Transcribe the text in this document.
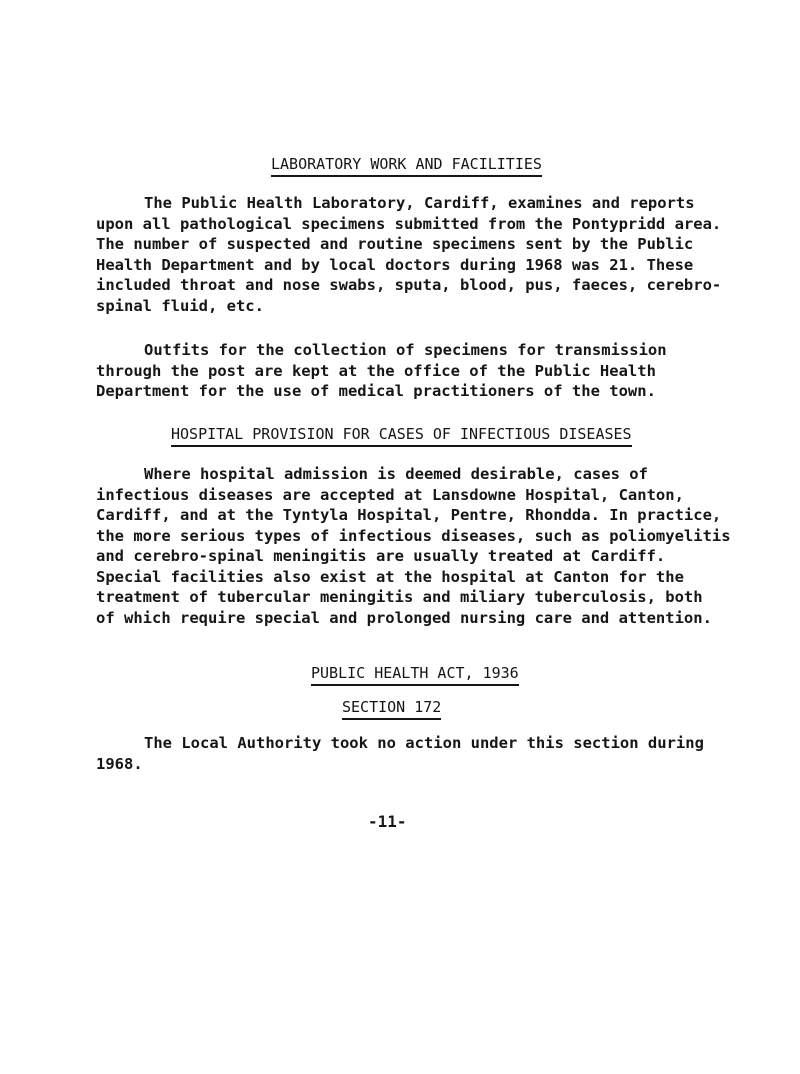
LABORATORY WORK AND FACILITIES
The Public Health Laboratory, Cardiff, examines and reports
upon all pathological specimens submitted from the Pontypridd area.
The number of suspected and routine specimens sent by the Public
Health Department and by local doctors during 1968 was 21. These
included throat and nose swabs, sputa, blood, pus, faeces, cerebro-
spinal fluid, etc.
Outfits for the collection of specimens for transmission
through the post are kept at the office of the Public Health
Department for the use of medical practitioners of the town.
HOSPITAL PROVISION FOR CASES OF INFECTIOUS DISEASES
Where hospital admission is deemed desirable, cases of
infectious diseases are accepted at Lansdowne Hospital, Canton,
Cardiff, and at the Tyntyla Hospital, Pentre, Rhondda. In practice,
the more serious types of infectious diseases, such as poliomyelitis
and cerebro-spinal meningitis are usually treated at Cardiff.
Special facilities also exist at the hospital at Canton for the
treatment of tubercular meningitis and miliary tuberculosis, both
of which require special and prolonged nursing care and attention.
PUBLIC HEALTH ACT, 1936
SECTION 172
The Local Authority took no action under this section during
1968.
-11-
